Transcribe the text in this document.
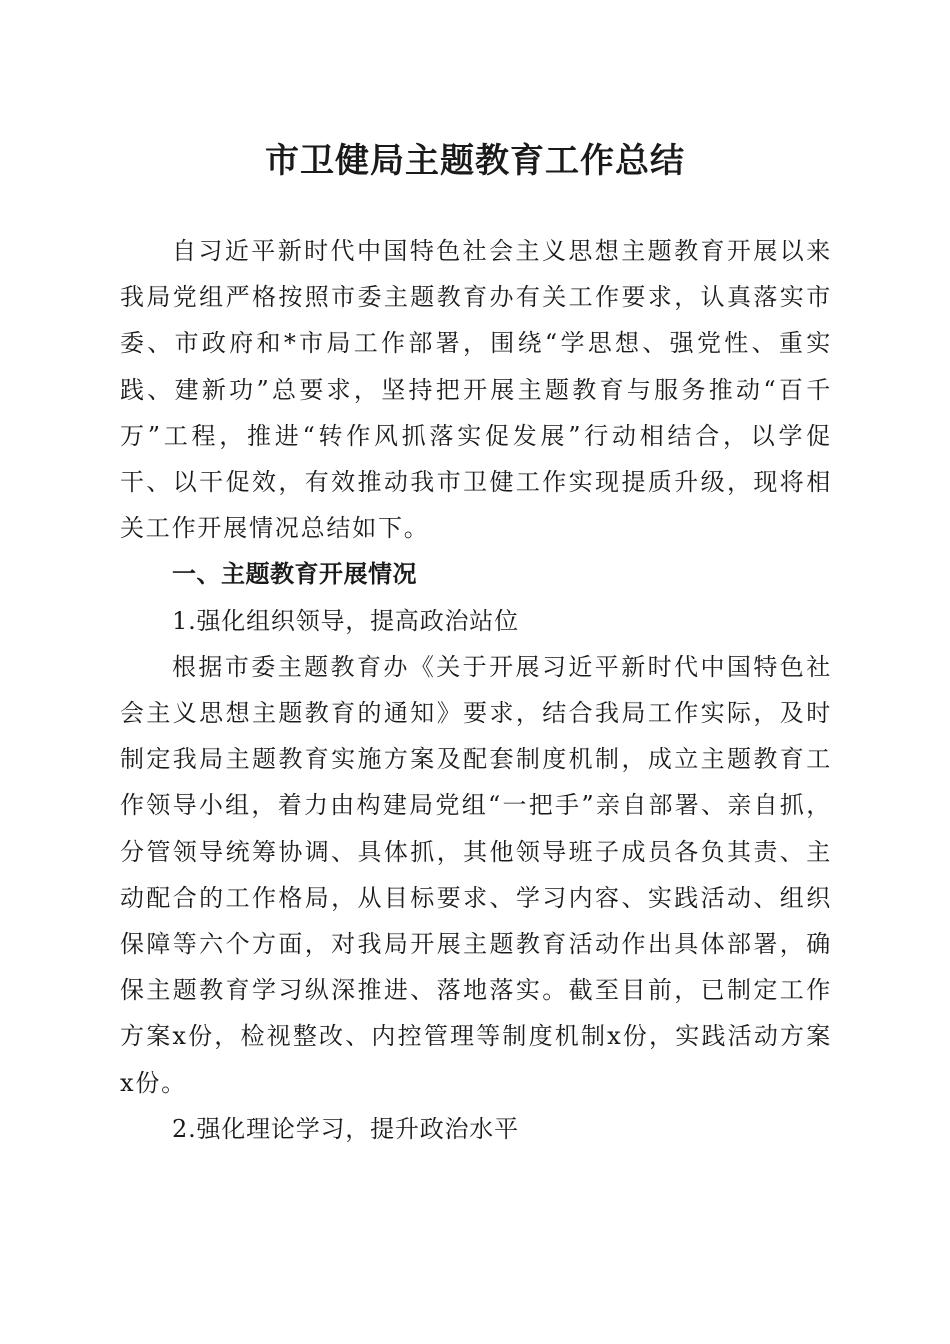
市卫健局主题教育工作总结

自习近平新时代中国特色社会主义思想主题教育开展以来我局党组严格按照市委主题教育办有关工作要求，认真落实市委、市政府和*市局工作部署，围绕“学思想、强党性、重实践、建新功”总要求，坚持把开展主题教育与服务推动“百千万”工程，推进“转作风抓落实促发展”行动相结合，以学促干、以干促效，有效推动我市卫健工作实现提质升级，现将相关工作开展情况总结如下。

一、主题教育开展情况

1.强化组织领导，提高政治站位

根据市委主题教育办《关于开展习近平新时代中国特色社会主义思想主题教育的通知》要求，结合我局工作实际，及时制定我局主题教育实施方案及配套制度机制，成立主题教育工作领导小组，着力由构建局党组“一把手”亲自部署、亲自抓，分管领导统筹协调、具体抓，其他领导班子成员各负其责、主动配合的工作格局，从目标要求、学习内容、实践活动、组织保障等六个方面，对我局开展主题教育活动作出具体部署，确保主题教育学习纵深推进、落地落实。截至目前，已制定工作方案x份，检视整改、内控管理等制度机制x份，实践活动方案x份。

2.强化理论学习，提升政治水平
